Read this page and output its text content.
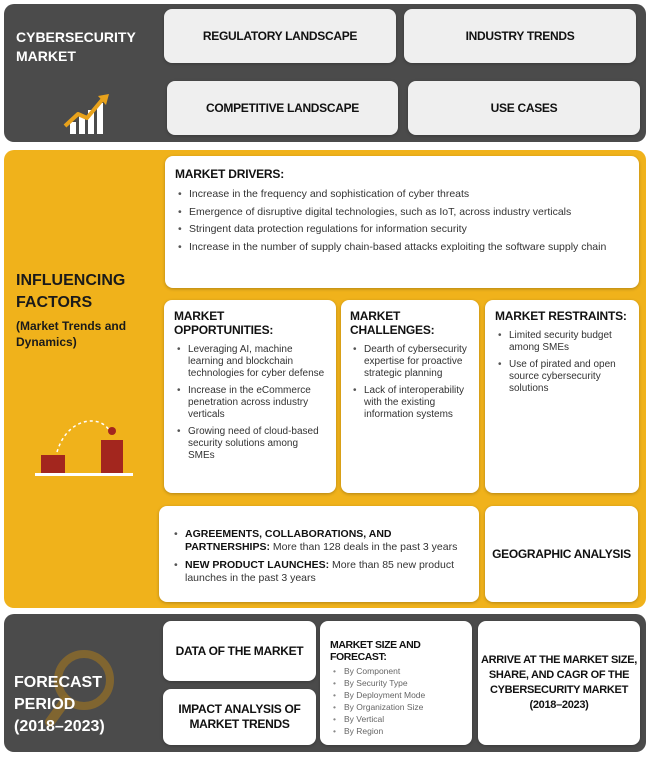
CYBERSECURITY
MARKET
REGULATORY LANDSCAPE	INDUSTRY TRENDS
COMPETITIVE LANDSCAPE	USE CASES
INFLUENCING
FACTORS
(Market Trends and
Dynamics)
MARKET DRIVERS:
• Increase in the frequency and sophistication of cyber threats
• Emergence of disruptive digital technologies, such as IoT, across industry verticals
• Stringent data protection regulations for information security
• Increase in the number of supply chain-based attacks exploiting the software supply chain
MARKET OPPORTUNITIES:
• Leveraging AI, machine learning and blockchain technologies for cyber defense
• Increase in the eCommerce penetration across industry verticals
• Growing need of cloud-based security solutions among SMEs
MARKET CHALLENGES:
• Dearth of cybersecurity expertise for proactive strategic planning
• Lack of interoperability with the existing information systems
MARKET RESTRAINTS:
• Limited security budget among SMEs
• Use of pirated and open source cybersecurity solutions
• AGREEMENTS, COLLABORATIONS, AND PARTNERSHIPS: More than 128 deals in the past 3 years
• NEW PRODUCT LAUNCHES: More than 85 new product launches in the past 3 years
GEOGRAPHIC ANALYSIS
FORECAST
PERIOD
(2018–2023)
DATA OF THE MARKET
IMPACT ANALYSIS OF
MARKET TRENDS
MARKET SIZE AND FORECAST:
• By Component
• By Security Type
• By Deployment Mode
• By Organization Size
• By Vertical
• By Region
ARRIVE AT THE MARKET SIZE,
SHARE, AND CAGR OF THE
CYBERSECURITY MARKET
(2018–2023)
